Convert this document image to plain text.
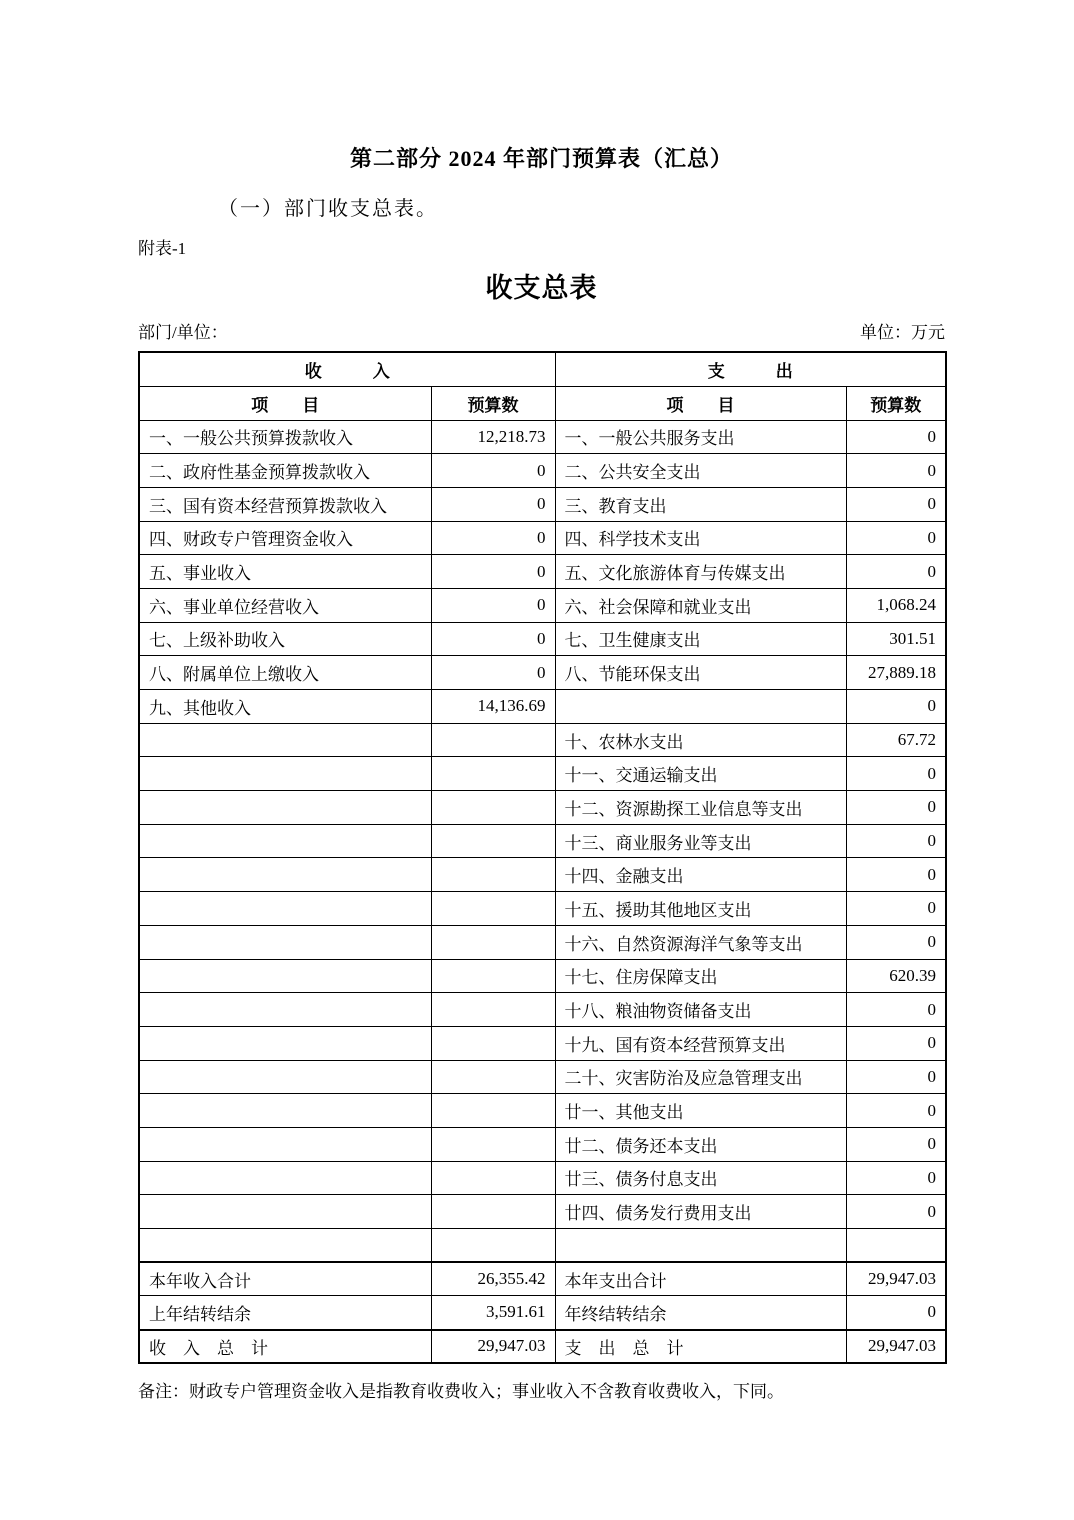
第二部分 2024 年部门预算表（汇总）
（一）部门收支总表。
附表-1
收支总表
部门/单位：	单位：万元
收　　　入		支　　　出	
项　　目	预算数	项　　目	预算数
一、一般公共预算拨款收入	12,218.73	一、一般公共服务支出	0
二、政府性基金预算拨款收入	0	二、公共安全支出	0
三、国有资本经营预算拨款收入	0	三、教育支出	0
四、财政专户管理资金收入	0	四、科学技术支出	0
五、事业收入	0	五、文化旅游体育与传媒支出	0
六、事业单位经营收入	0	六、社会保障和就业支出	1,068.24
七、上级补助收入	0	七、卫生健康支出	301.51
八、附属单位上缴收入	0	八、节能环保支出	27,889.18
九、其他收入	14,136.69		0
		十、农林水支出	67.72
		十一、交通运输支出	0
		十二、资源勘探工业信息等支出	0
		十三、商业服务业等支出	0
		十四、金融支出	0
		十五、援助其他地区支出	0
		十六、自然资源海洋气象等支出	0
		十七、住房保障支出	620.39
		十八、粮油物资储备支出	0
		十九、国有资本经营预算支出	0
		二十、灾害防治及应急管理支出	0
		廿一、其他支出	0
		廿二、债务还本支出	0
		廿三、债务付息支出	0
		廿四、债务发行费用支出	0

本年收入合计	26,355.42	本年支出合计	29,947.03
上年结转结余	3,591.61	年终结转结余	0
收　入　总　计	29,947.03	支　出　总　计	29,947.03
备注：财政专户管理资金收入是指教育收费收入；事业收入不含教育收费收入，下同。
